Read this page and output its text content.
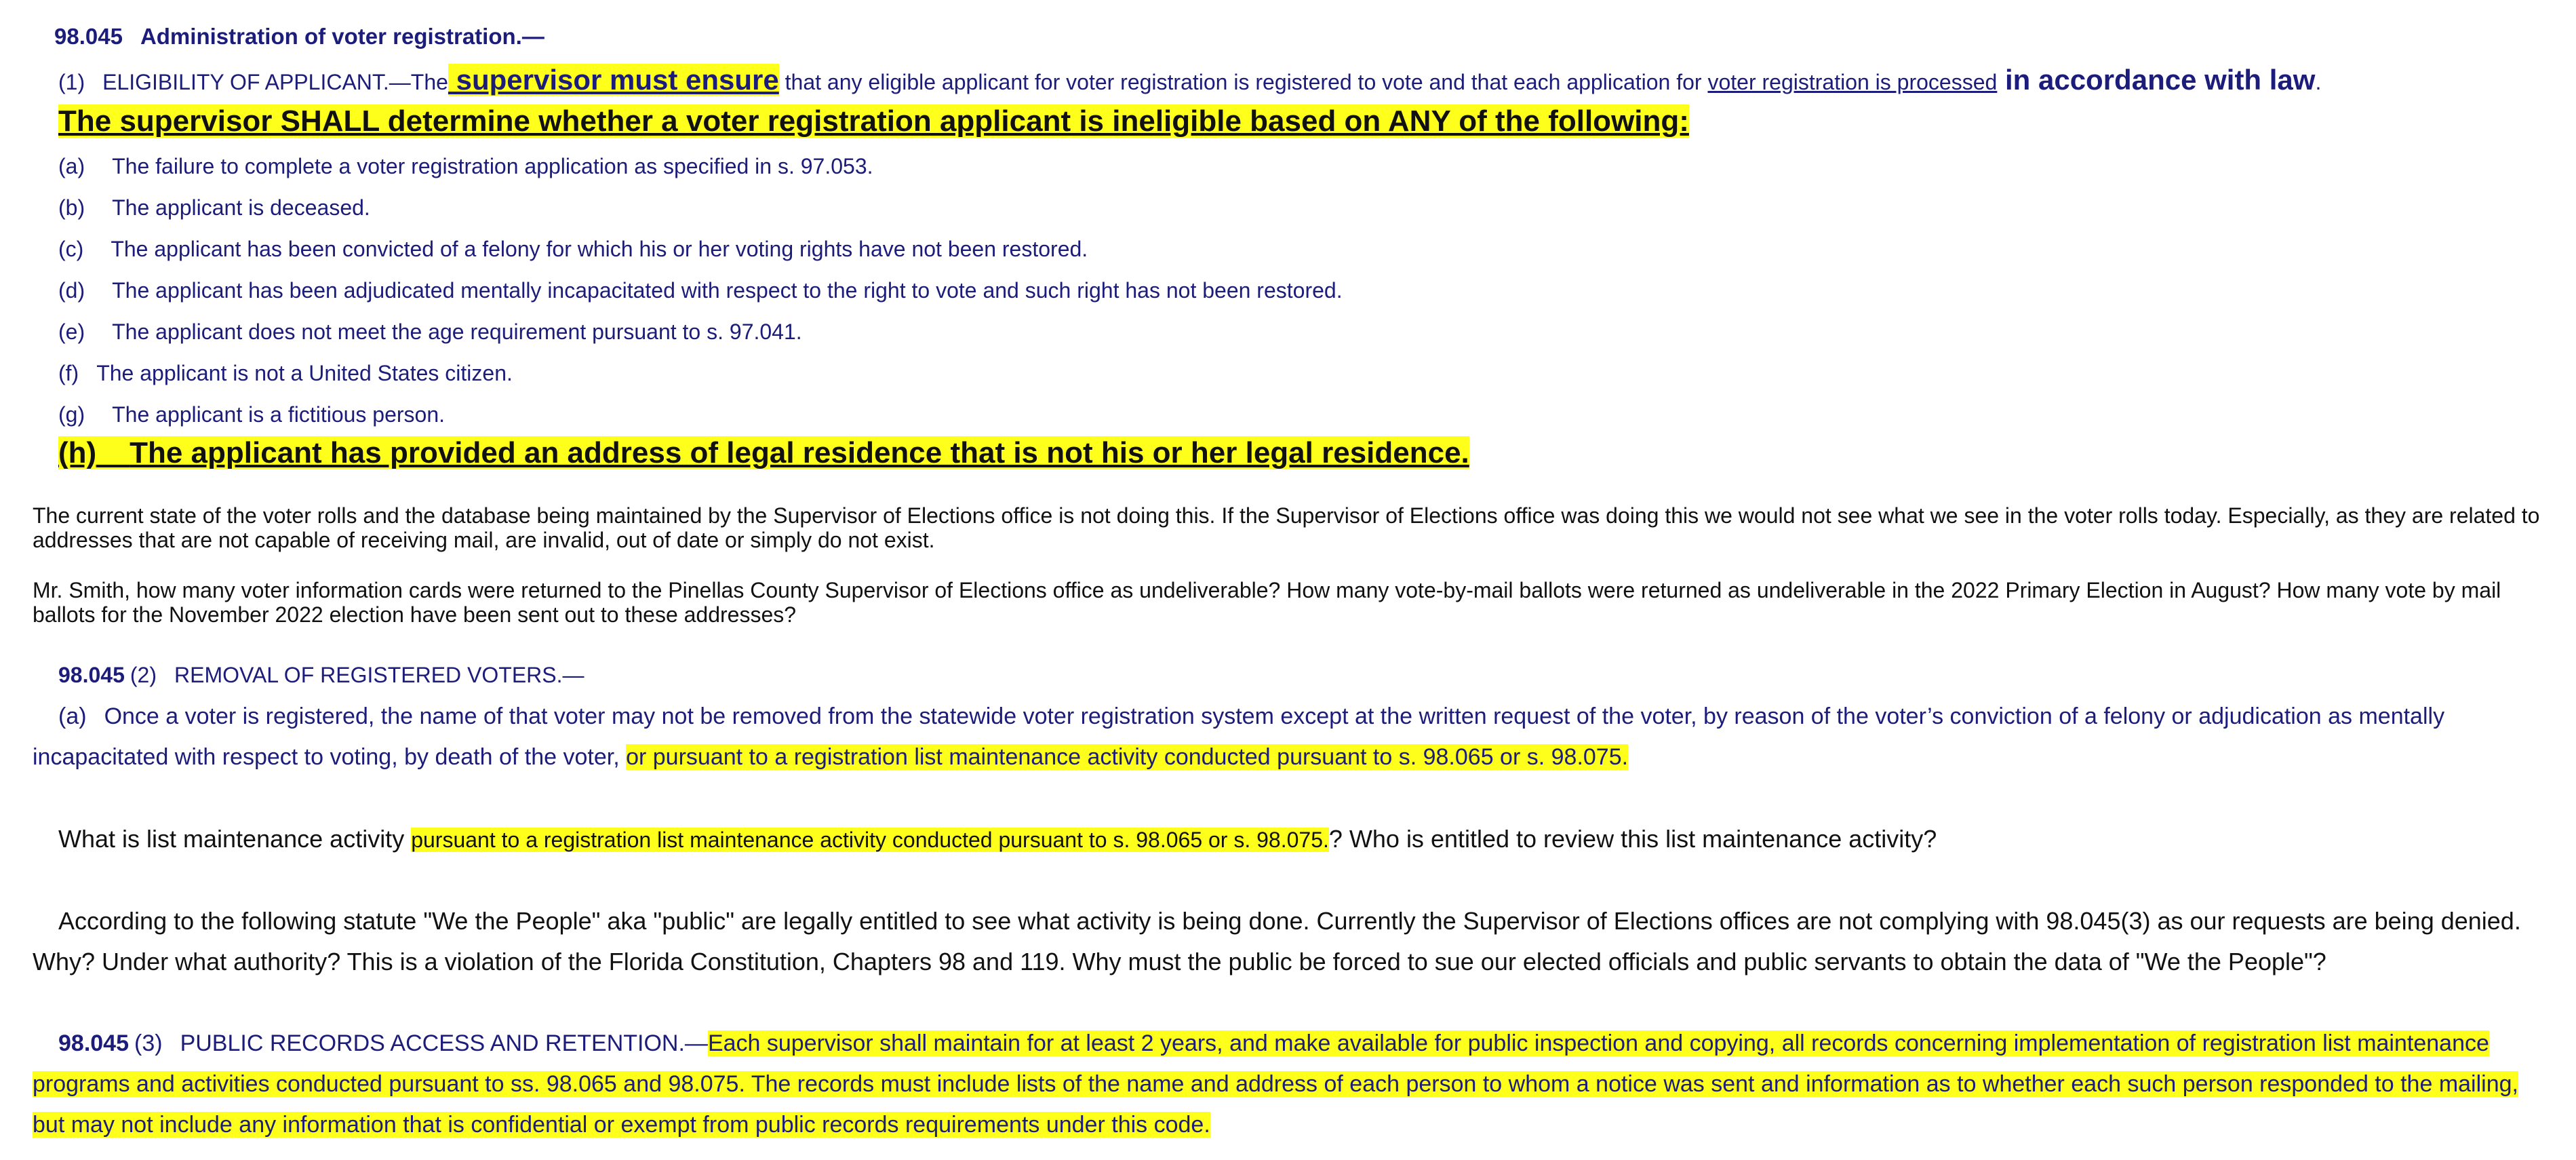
98.045 Administration of voter registration.—
(1) ELIGIBILITY OF APPLICANT.—The supervisor must ensure that any eligible applicant for voter registration is registered to vote and that each application for voter registration is processed in accordance with law.
The supervisor SHALL determine whether a voter registration applicant is ineligible based on ANY of the following:
(a) The failure to complete a voter registration application as specified in s. 97.053.
(b) The applicant is deceased.
(c) The applicant has been convicted of a felony for which his or her voting rights have not been restored.
(d) The applicant has been adjudicated mentally incapacitated with respect to the right to vote and such right has not been restored.
(e) The applicant does not meet the age requirement pursuant to s. 97.041.
(f) The applicant is not a United States citizen.
(g) The applicant is a fictitious person.
(h) The applicant has provided an address of legal residence that is not his or her legal residence.
The current state of the voter rolls and the database being maintained by the Supervisor of Elections office is not doing this. If the Supervisor of Elections office was doing this we would not see what we see in the voter rolls today. Especially, as they are related to addresses that are not capable of receiving mail, are invalid, out of date or simply do not exist.
Mr. Smith, how many voter information cards were returned to the Pinellas County Supervisor of Elections office as undeliverable? How many vote-by-mail ballots were returned as undeliverable in the 2022 Primary Election in August? How many vote by mail ballots for the November 2022 election have been sent out to these addresses?
98.045 (2) REMOVAL OF REGISTERED VOTERS.—
(a) Once a voter is registered, the name of that voter may not be removed from the statewide voter registration system except at the written request of the voter, by reason of the voter’s conviction of a felony or adjudication as mentally incapacitated with respect to voting, by death of the voter, or pursuant to a registration list maintenance activity conducted pursuant to s. 98.065 or s. 98.075.
What is list maintenance activity pursuant to a registration list maintenance activity conducted pursuant to s. 98.065 or s. 98.075.? Who is entitled to review this list maintenance activity?
According to the following statute "We the People" aka "public" are legally entitled to see what activity is being done. Currently the Supervisor of Elections offices are not complying with 98.045(3) as our requests are being denied. Why? Under what authority? This is a violation of the Florida Constitution, Chapters 98 and 119. Why must the public be forced to sue our elected officials and public servants to obtain the data of "We the People"?
98.045 (3) PUBLIC RECORDS ACCESS AND RETENTION.—Each supervisor shall maintain for at least 2 years, and make available for public inspection and copying, all records concerning implementation of registration list maintenance programs and activities conducted pursuant to ss. 98.065 and 98.075. The records must include lists of the name and address of each person to whom a notice was sent and information as to whether each such person responded to the mailing, but may not include any information that is confidential or exempt from public records requirements under this code.
